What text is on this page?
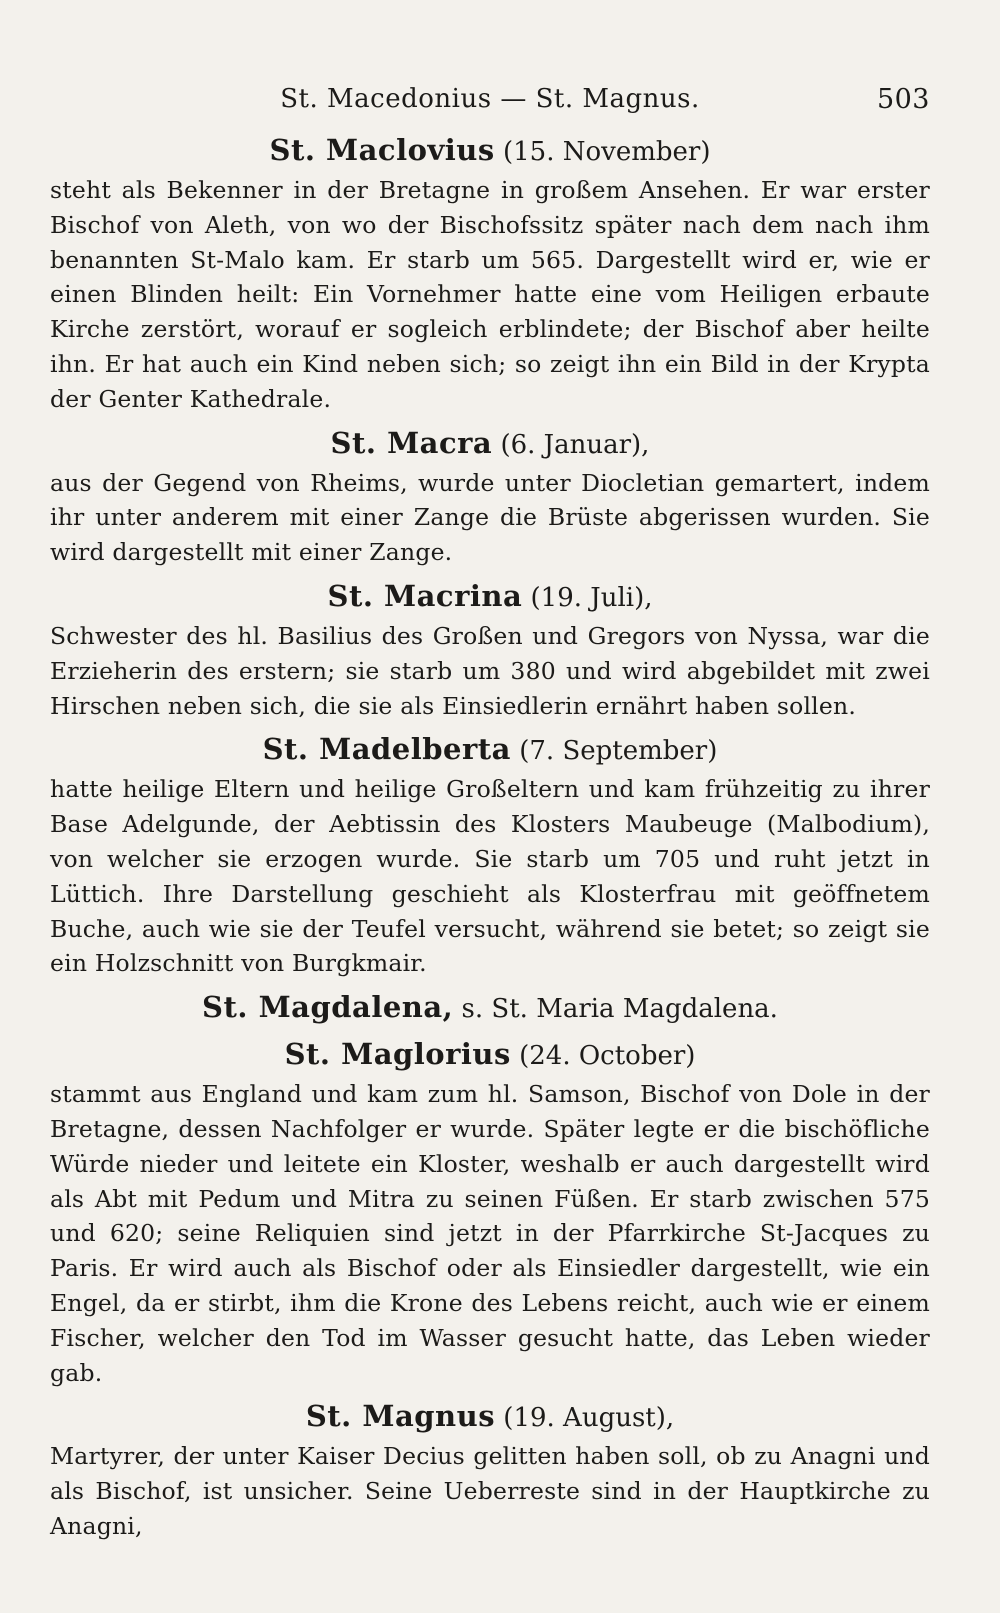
St. Macedonius — St. Magnus.	503
St. Maclovius (15. November)
steht als Bekenner in der Bretagne in großem Ansehen. Er war erster Bischof von Aleth, von wo der Bischofssitz später nach dem nach ihm benannten St-Malo kam. Er starb um 565. Dargestellt wird er, wie er einen Blinden heilt: Ein Vornehmer hatte eine vom Heiligen erbaute Kirche zerstört, worauf er sogleich erblindete; der Bischof aber heilte ihn. Er hat auch ein Kind neben sich; so zeigt ihn ein Bild in der Krypta der Genter Kathedrale.
St. Macra (6. Januar),
aus der Gegend von Rheims, wurde unter Diocletian gemartert, indem ihr unter anderem mit einer Zange die Brüste abgerissen wurden. Sie wird dargestellt mit einer Zange.
St. Macrina (19. Juli),
Schwester des hl. Basilius des Großen und Gregors von Nyssa, war die Erzieherin des erstern; sie starb um 380 und wird abgebildet mit zwei Hirschen neben sich, die sie als Einsiedlerin ernährt haben sollen.
St. Madelberta (7. September)
hatte heilige Eltern und heilige Großeltern und kam frühzeitig zu ihrer Base Adelgunde, der Aebtissin des Klosters Maubeuge (Malbodium), von welcher sie erzogen wurde. Sie starb um 705 und ruht jetzt in Lüttich. Ihre Darstellung geschieht als Klosterfrau mit geöffnetem Buche, auch wie sie der Teufel versucht, während sie betet; so zeigt sie ein Holzschnitt von Burgkmair.
St. Magdalena, s. St. Maria Magdalena.
St. Maglorius (24. October)
stammt aus England und kam zum hl. Samson, Bischof von Dole in der Bretagne, dessen Nachfolger er wurde. Später legte er die bischöfliche Würde nieder und leitete ein Kloster, weshalb er auch dargestellt wird als Abt mit Pedum und Mitra zu seinen Füßen. Er starb zwischen 575 und 620; seine Reliquien sind jetzt in der Pfarrkirche St-Jacques zu Paris. Er wird auch als Bischof oder als Einsiedler dargestellt, wie ein Engel, da er stirbt, ihm die Krone des Lebens reicht, auch wie er einem Fischer, welcher den Tod im Wasser gesucht hatte, das Leben wieder gab.
St. Magnus (19. August),
Martyrer, der unter Kaiser Decius gelitten haben soll, ob zu Anagni und als Bischof, ist unsicher. Seine Ueberreste sind in der Hauptkirche zu Anagni,
